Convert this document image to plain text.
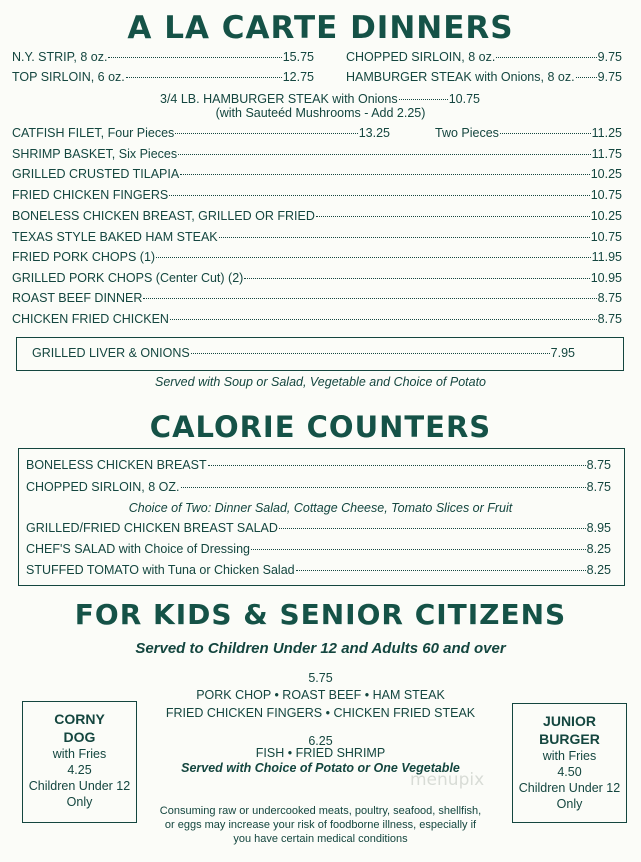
A LA CARTE DINNERS
N.Y. STRIP, 8 oz.	15.75	CHOPPED SIRLOIN, 8 oz.	9.75
TOP SIRLOIN, 6 oz.	12.75	HAMBURGER STEAK with Onions, 8 oz. 9.75
3/4 LB. HAMBURGER STEAK with Onions	10.75
(with Sauteéd Mushrooms - Add 2.25)
CATFISH FILET, Four Pieces	13.25	Two Pieces	11.25
SHRIMP BASKET, Six Pieces	11.75
GRILLED CRUSTED TILAPIA	10.25
FRIED CHICKEN FINGERS	10.75
BONELESS CHICKEN BREAST, GRILLED OR FRIED	10.25
TEXAS STYLE BAKED HAM STEAK	10.75
FRIED PORK CHOPS (1)	11.95
GRILLED PORK CHOPS (Center Cut) (2)	10.95
ROAST BEEF DINNER	8.75
CHICKEN FRIED CHICKEN	8.75
GRILLED LIVER & ONIONS	7.95
Served with Soup or Salad, Vegetable and Choice of Potato
CALORIE COUNTERS
BONELESS CHICKEN BREAST	8.75
CHOPPED SIRLOIN, 8 OZ.	8.75
Choice of Two: Dinner Salad, Cottage Cheese, Tomato Slices or Fruit
GRILLED/FRIED CHICKEN BREAST SALAD	8.95
CHEF'S SALAD with Choice of Dressing	8.25
STUFFED TOMATO with Tuna or Chicken Salad	8.25
FOR KIDS & SENIOR CITIZENS
Served to Children Under 12 and Adults 60 and over
5.75
PORK CHOP • ROAST BEEF • HAM STEAK
FRIED CHICKEN FINGERS • CHICKEN FRIED STEAK
6.25
FISH • FRIED SHRIMP
Served with Choice of Potato or One Vegetable
CORNY
DOG
with Fries
4.25
Children Under 12
Only
JUNIOR
BURGER
with Fries
4.50
Children Under 12
Only
menupix
Consuming raw or undercooked meats, poultry, seafood, shellfish,
or eggs may increase your risk of foodborne illness, especially if
you have certain medical conditions
